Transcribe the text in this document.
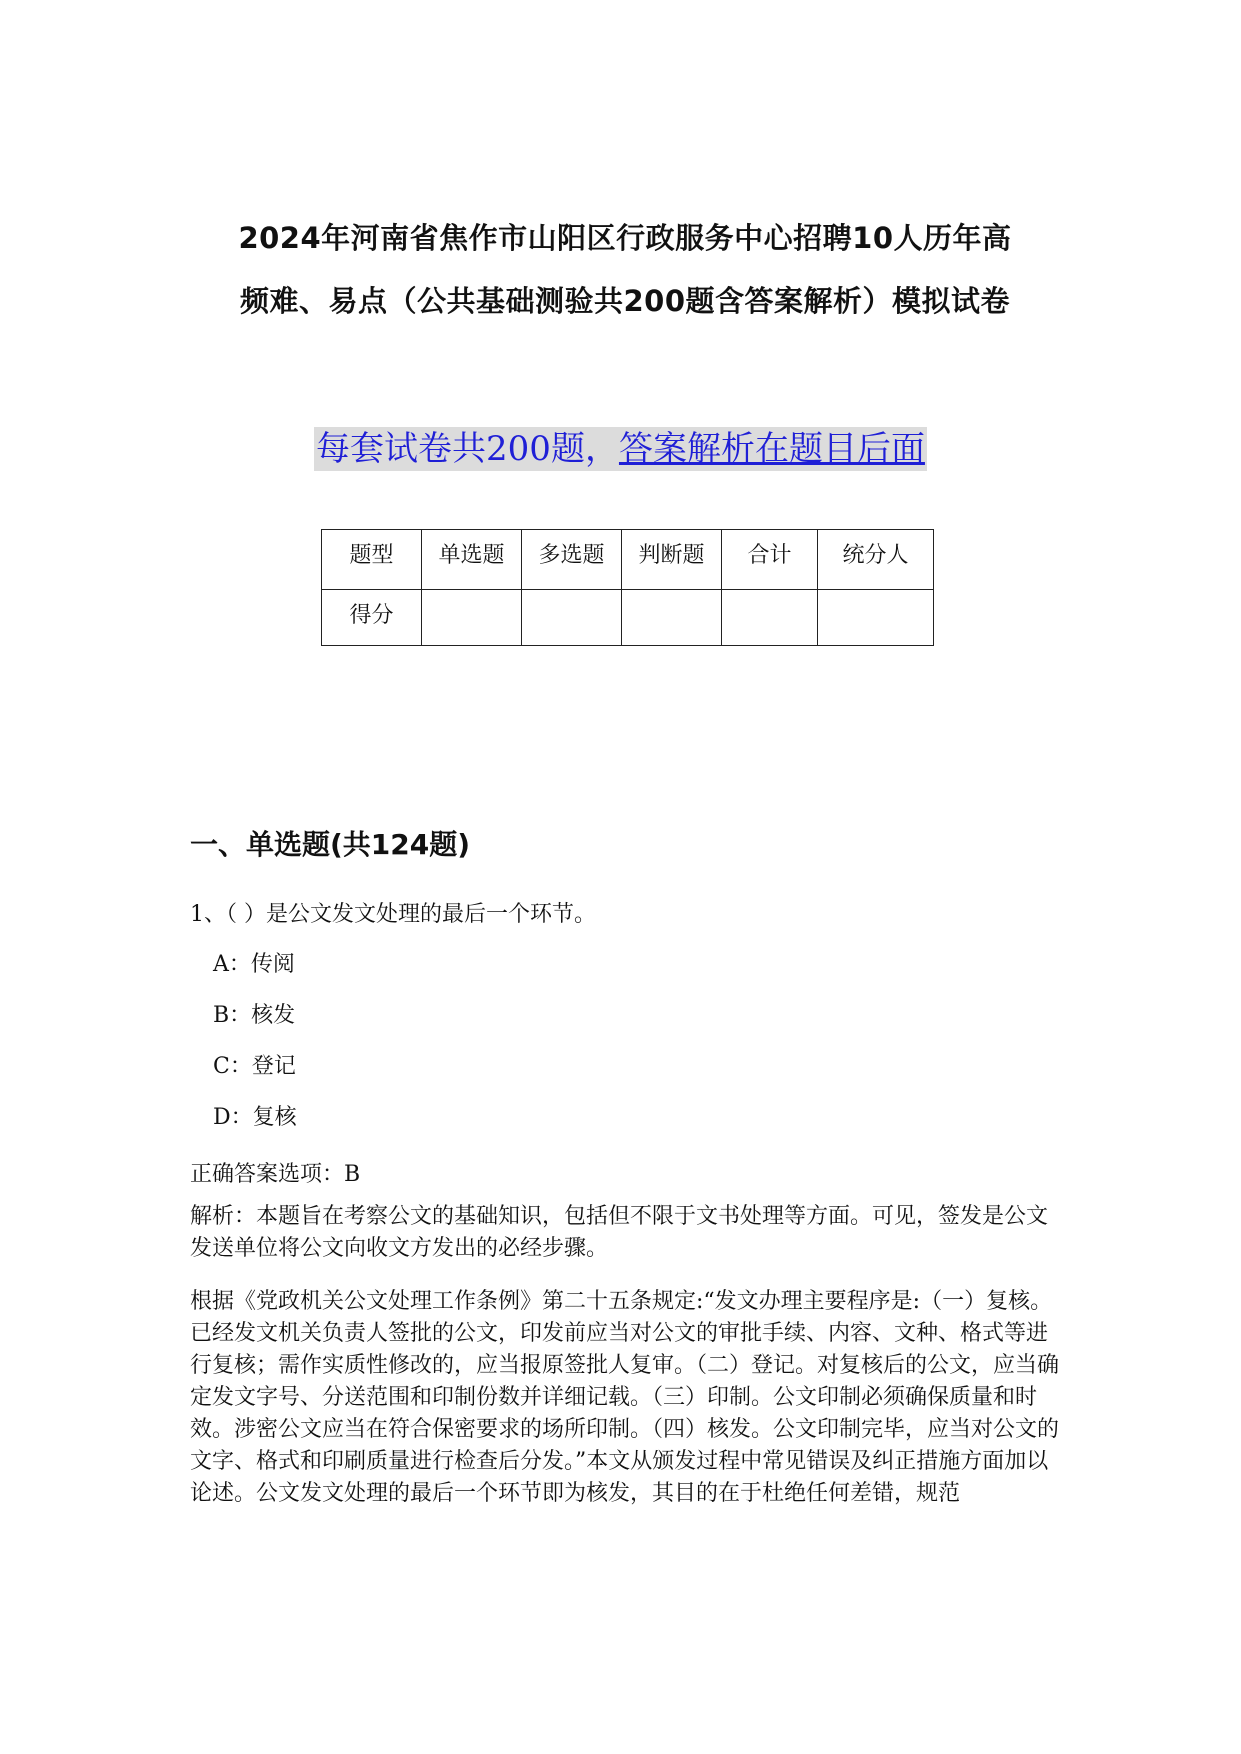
2024年河南省焦作市山阳区行政服务中心招聘10人历年高
频难、易点（公共基础测验共200题含答案解析）模拟试卷
每套试卷共200题，答案解析在题目后面
题型	单选题	多选题	判断题	合计	统分人
得分					
一、单选题(共124题)
1、（ ）是公文发文处理的最后一个环节。
A：传阅
B：核发
C：登记
D：复核
正确答案选项：B
解析：本题旨在考察公文的基础知识，包括但不限于文书处理等方面。可见，签发是公文发送单位将公文向收文方发出的必经步骤。
根据《党政机关公文处理工作条例》第二十五条规定:“发文办理主要程序是:（一）复核。已经发文机关负责人签批的公文，印发前应当对公文的审批手续、内容、文种、格式等进行复核；需作实质性修改的，应当报原签批人复审。（二）登记。对复核后的公文，应当确定发文字号、分送范围和印制份数并详细记载。（三）印制。公文印制必须确保质量和时效。涉密公文应当在符合保密要求的场所印制。（四）核发。公文印制完毕，应当对公文的文字、格式和印刷质量进行检查后分发。”本文从颁发过程中常见错误及纠正措施方面加以论述。公文发文处理的最后一个环节即为核发，其目的在于杜绝任何差错，规范
